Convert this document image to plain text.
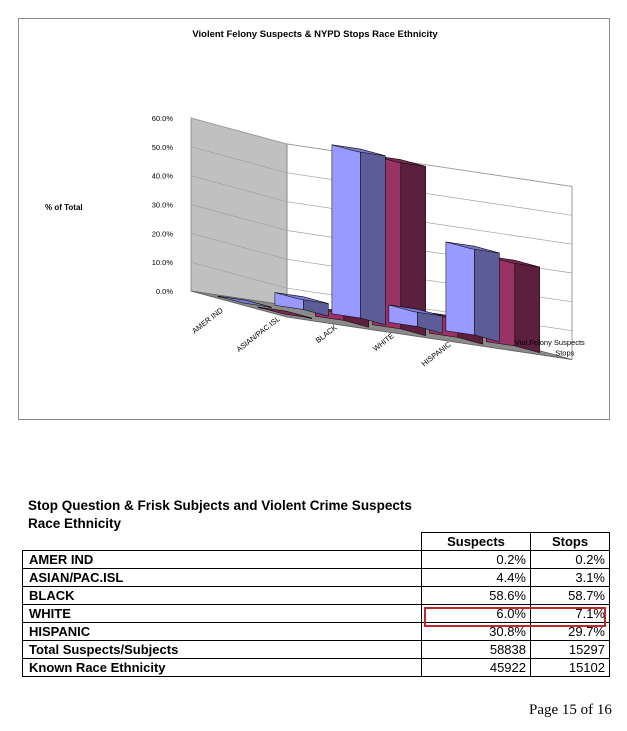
Violent Felony Suspects & NYPD Stops Race Ethnicity
0.0%
10.0%
20.0%
30.0%
40.0%
50.0%
60.0%
% of Total
AMER IND ASIAN/PAC.ISL	BLACK	WHITE	HISPANIC	Stops
Viol.Felony Suspects
Stop Question & Frisk Subjects and Violent Crime Suspects
Race Ethnicity
	Suspects	Stops
AMER IND	0.2%	0.2%
ASIAN/PAC.ISL	4.4%	3.1%
BLACK	58.6%	58.7%
WHITE	6.0%	7.1%
HISPANIC	30.8%	29.7%
Total Suspects/Subjects	58838	15297
Known Race Ethnicity	45922	15102
Page 15 of 16
